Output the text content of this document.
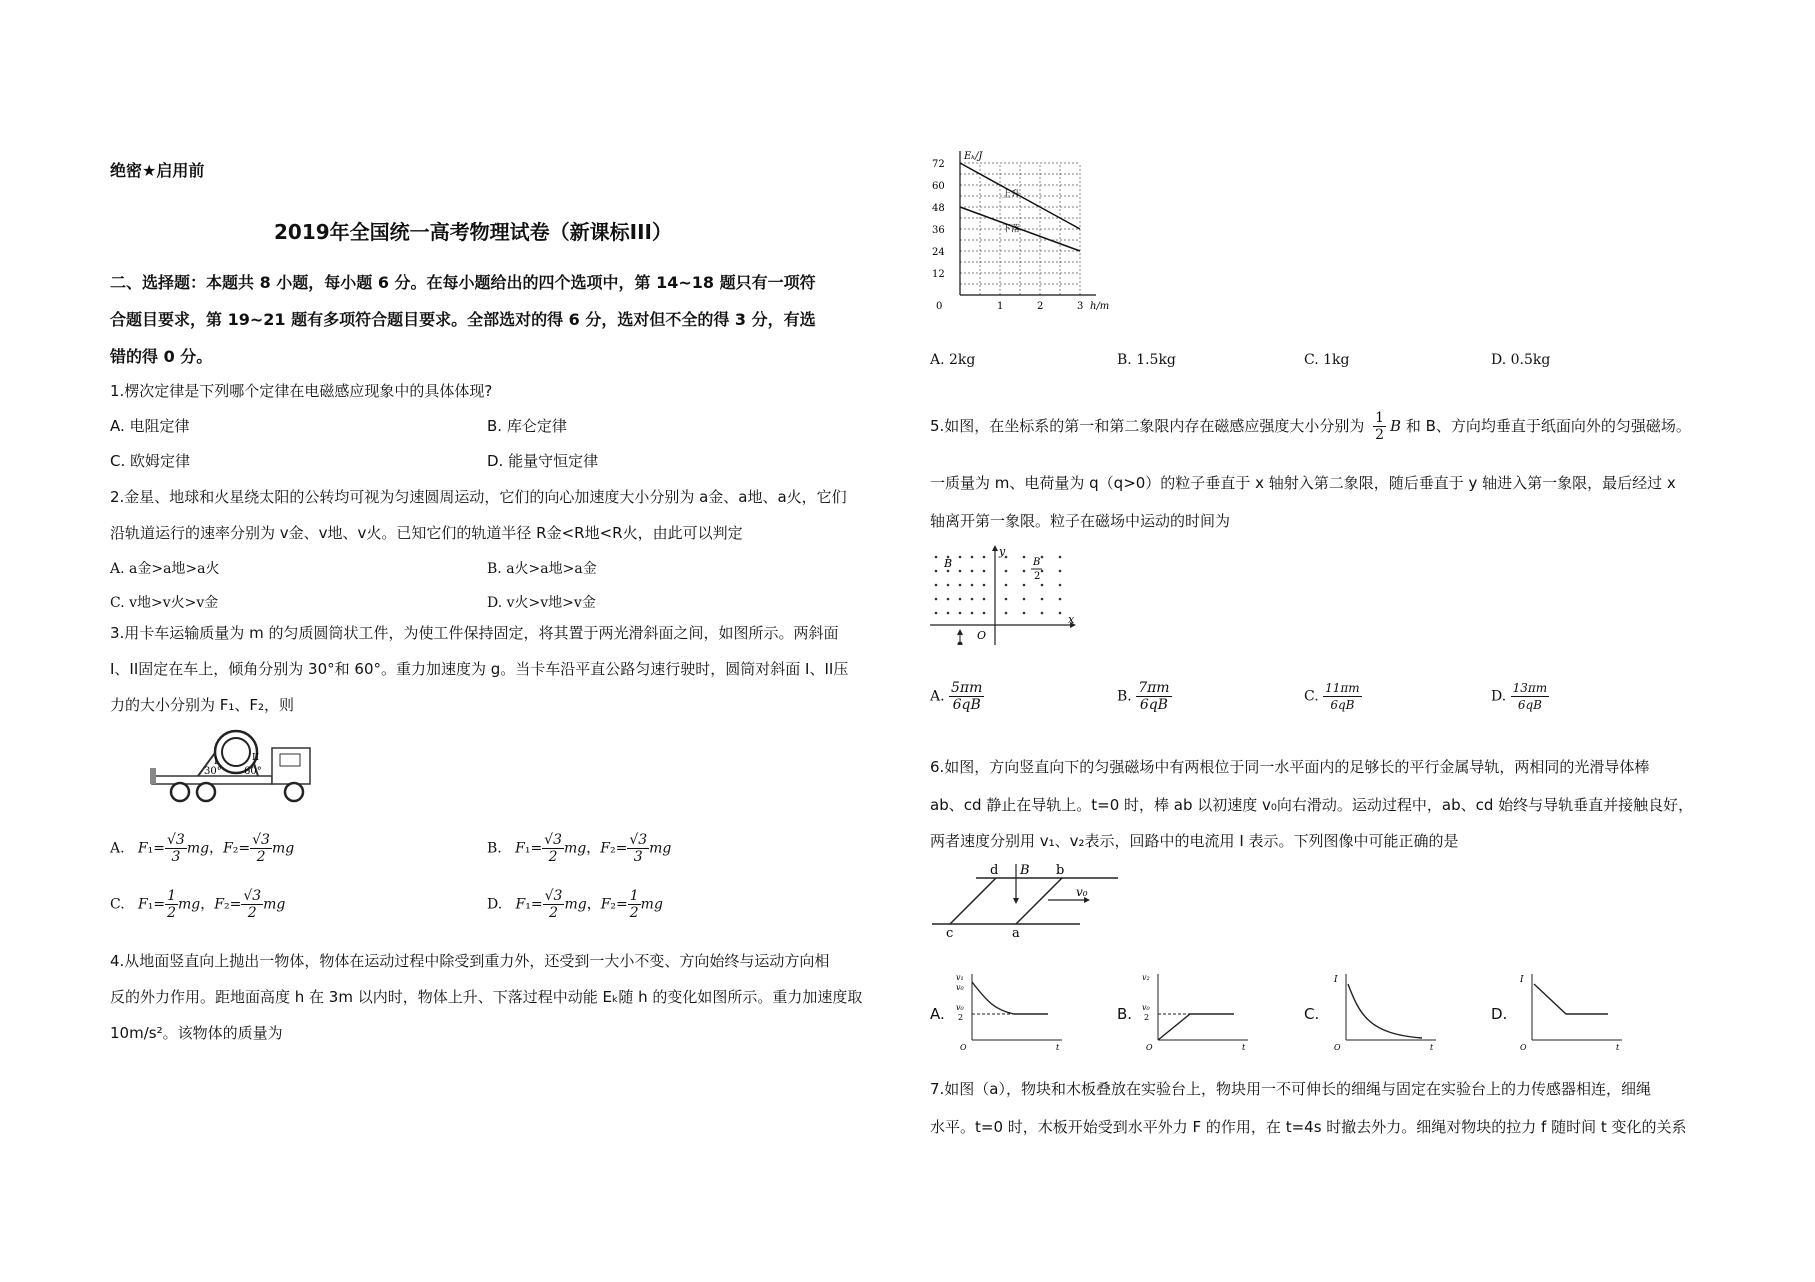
绝密★启用前
2019年全国统一高考物理试卷（新课标III）
二、选择题：本题共 8 小题，每小题 6 分。在每小题给出的四个选项中，第 14~18 题只有一项符
合题目要求，第 19~21 题有多项符合题目要求。全部选对的得 6 分，选对但不全的得 3 分，有选
错的得 0 分。
1.楞次定律是下列哪个定律在电磁感应现象中的具体体现?
A. 电阻定律	B. 库仑定律
C. 欧姆定律	D. 能量守恒定律
2.金星、地球和火星绕太阳的公转均可视为匀速圆周运动，它们的向心加速度大小分别为 a金、a地、a火，它们
沿轨道运行的速率分别为 v金、v地、v火。已知它们的轨道半径 R金<R地<R火，由此可以判定
A. a金>a地>a火	B. a火>a地>a金
C. v地>v火>v金	D. v火>v地>v金
3.用卡车运输质量为 m 的匀质圆筒状工件，为使工件保持固定，将其置于两光滑斜面之间，如图所示。两斜面
I、II固定在车上，倾角分别为 30°和 60°。重力加速度为 g。当卡车沿平直公路匀速行驶时，圆筒对斜面 I、II压
力的大小分别为 F₁、F₂，则
30° 60°
I	II
A. $F_1= \frac{√3}{3}$ mg，$F_2= \frac{√3}{2}$ mg	B. $F_1= \frac{√3}{2}$ mg，$F_2= \frac{√3}{3}$ mg
C. $F_1= \frac{1}{2}$ mg，$F_2= \frac{√3}{2}$ mg	D. $F_1= \frac{√3}{2}$ mg，$F_2= \frac{1}{2}$ mg
4.从地面竖直向上抛出一物体，物体在运动过程中除受到重力外，还受到一大小不变、方向始终与运动方向相
反的外力作用。距地面高度 h 在 3m 以内时，物体上升、下落过程中动能 Eₖ随 h 的变化如图所示。重力加速度取
10m/s²。该物体的质量为
12
24
36
48
60
72
0	1	2	3 h/m
Eₖ/J
上升
下落
A. 2kg	B. 1.5kg	C. 1kg	D. 0.5kg
5.如图，在坐标系的第一和第二象限内存在磁感应强度大小分别为 $\frac{1}{2}$ B 和 B、方向均垂直于纸面向外的匀强磁场。
一质量为 m、电荷量为 q（q>0）的粒子垂直于 x 轴射入第二象限，随后垂直于 y 轴进入第一象限，最后经过 x
轴离开第一象限。粒子在磁场中运动的时间为
x
y
O
B	B
2
A. $\frac{5\pi m}{6qB}$	B. $\frac{7\pi m}{6qB}$	C. $\frac{11\pi m}{6qB}$	D. $\frac{13\pi m}{6qB}$
6.如图，方向竖直向下的匀强磁场中有两根位于同一水平面内的足够长的平行金属导轨，两相同的光滑导体棒
ab、cd 静止在导轨上。t=0 时，棒 ab 以初速度 v₀向右滑动。运动过程中，ab、cd 始终与导轨垂直并接触良好，
两者速度分别用 v₁、v₂表示，回路中的电流用 I 表示。下列图像中可能正确的是
d	b
c	a
B
v₀
A.
v₁
v₀
v₀
2
O	t
B.
v₂
v₀
2
O	t
C.
I
O	t
D.
I
O	t
7.如图（a），物块和木板叠放在实验台上，物块用一不可伸长的细绳与固定在实验台上的力传感器相连，细绳
水平。t=0 时，木板开始受到水平外力 F 的作用，在 t=4s 时撤去外力。细绳对物块的拉力 f 随时间 t 变化的关系
